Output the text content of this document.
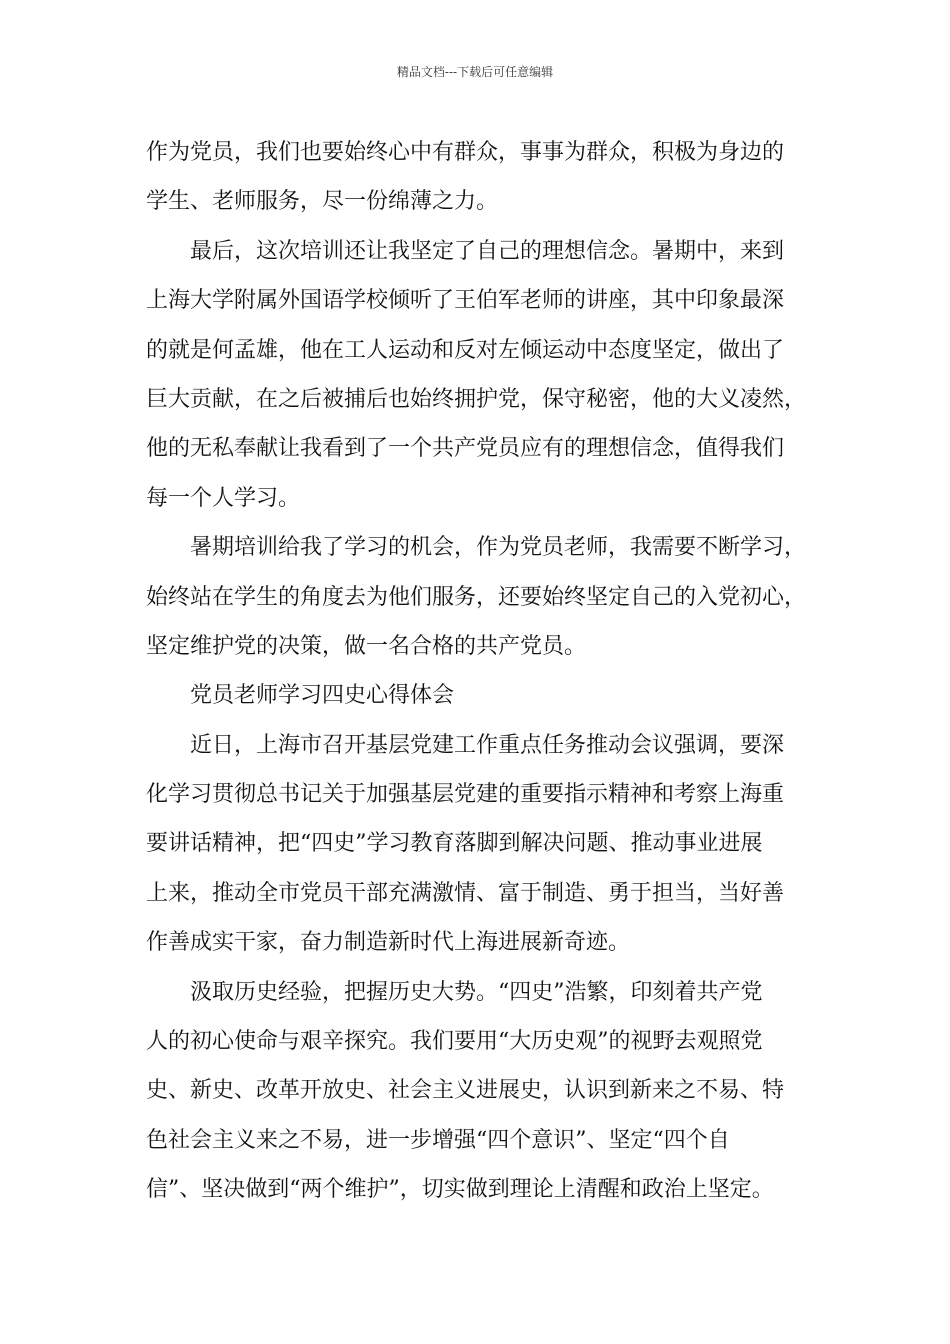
精品文档---下载后可任意编辑
作为党员，我们也要始终心中有群众，事事为群众，积极为身边的
学生、老师服务，尽一份绵薄之力。
最后，这次培训还让我坚定了自己的理想信念。暑期中，来到
上海大学附属外国语学校倾听了王伯军老师的讲座，其中印象最深
的就是何孟雄，他在工人运动和反对左倾运动中态度坚定，做出了
巨大贡献，在之后被捕后也始终拥护党，保守秘密，他的大义凌然，
他的无私奉献让我看到了一个共产党员应有的理想信念，值得我们
每一个人学习。
暑期培训给我了学习的机会，作为党员老师，我需要不断学习，
始终站在学生的角度去为他们服务，还要始终坚定自己的入党初心，
坚定维护党的决策，做一名合格的共产党员。
党员老师学习四史心得体会
近日，上海市召开基层党建工作重点任务推动会议强调，要深
化学习贯彻总书记关于加强基层党建的重要指示精神和考察上海重
要讲话精神，把“四史”学习教育落脚到解决问题、推动事业进展
上来，推动全市党员干部充满激情、富于制造、勇于担当，当好善
作善成实干家，奋力制造新时代上海进展新奇迹。
汲取历史经验，把握历史大势。“四史”浩繁，印刻着共产党
人的初心使命与艰辛探究。我们要用“大历史观”的视野去观照党
史、新史、改革开放史、社会主义进展史，认识到新来之不易、特
色社会主义来之不易，进一步增强“四个意识”、坚定“四个自
信”、坚决做到“两个维护”，切实做到理论上清醒和政治上坚定。
